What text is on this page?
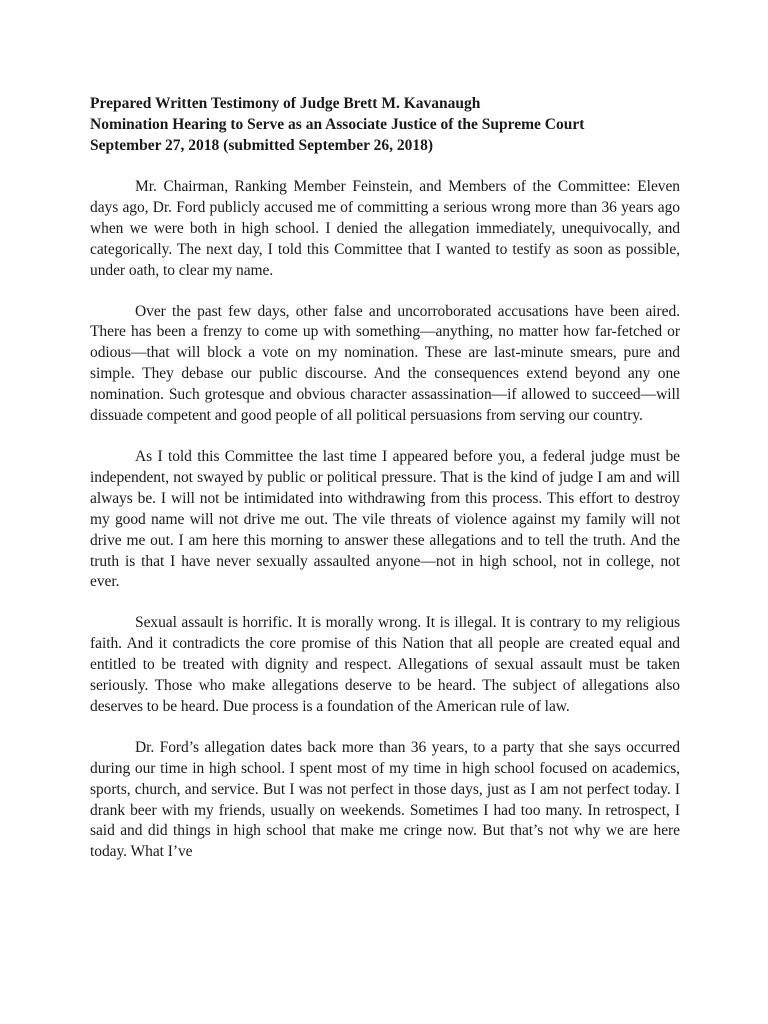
Prepared Written Testimony of Judge Brett M. Kavanaugh
Nomination Hearing to Serve as an Associate Justice of the Supreme Court
September 27, 2018 (submitted September 26, 2018)

Mr. Chairman, Ranking Member Feinstein, and Members of the Committee: Eleven days ago, Dr. Ford publicly accused me of committing a serious wrong more than 36 years ago when we were both in high school. I denied the allegation immediately, unequivocally, and categorically. The next day, I told this Committee that I wanted to testify as soon as possible, under oath, to clear my name.

Over the past few days, other false and uncorroborated accusations have been aired. There has been a frenzy to come up with something—anything, no matter how far-fetched or odious—that will block a vote on my nomination. These are last-minute smears, pure and simple. They debase our public discourse. And the consequences extend beyond any one nomination. Such grotesque and obvious character assassination—if allowed to succeed—will dissuade competent and good people of all political persuasions from serving our country.

As I told this Committee the last time I appeared before you, a federal judge must be independent, not swayed by public or political pressure. That is the kind of judge I am and will always be. I will not be intimidated into withdrawing from this process. This effort to destroy my good name will not drive me out. The vile threats of violence against my family will not drive me out. I am here this morning to answer these allegations and to tell the truth. And the truth is that I have never sexually assaulted anyone—not in high school, not in college, not ever.

Sexual assault is horrific. It is morally wrong. It is illegal. It is contrary to my religious faith. And it contradicts the core promise of this Nation that all people are created equal and entitled to be treated with dignity and respect. Allegations of sexual assault must be taken seriously. Those who make allegations deserve to be heard. The subject of allegations also deserves to be heard. Due process is a foundation of the American rule of law.

Dr. Ford’s allegation dates back more than 36 years, to a party that she says occurred during our time in high school. I spent most of my time in high school focused on academics, sports, church, and service. But I was not perfect in those days, just as I am not perfect today. I drank beer with my friends, usually on weekends. Sometimes I had too many. In retrospect, I said and did things in high school that make me cringe now. But that’s not why we are here today. What I’ve
